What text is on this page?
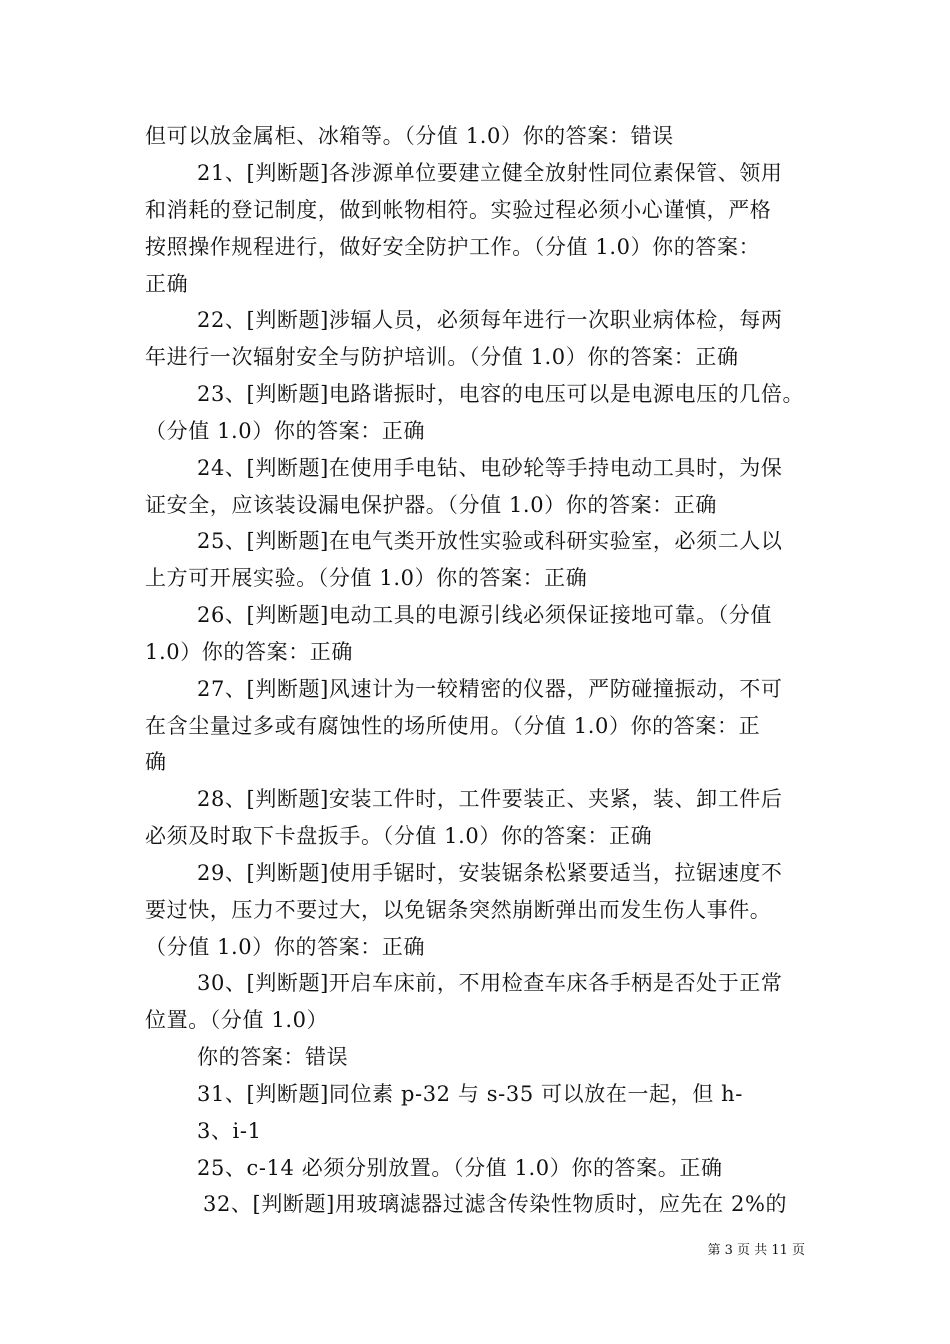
但可以放金属柜、冰箱等。（分值 1.0）你的答案：错误
21、[判断题]各涉源单位要建立健全放射性同位素保管、领用
和消耗的登记制度，做到帐物相符。实验过程必须小心谨慎，严格
按照操作规程进行，做好安全防护工作。（分值 1.0）你的答案：
正确
22、[判断题]涉辐人员，必须每年进行一次职业病体检，每两
年进行一次辐射安全与防护培训。（分值 1.0）你的答案：正确
23、[判断题]电路谐振时，电容的电压可以是电源电压的几倍。
（分值 1.0）你的答案：正确
24、[判断题]在使用手电钻、电砂轮等手持电动工具时，为保
证安全，应该装设漏电保护器。（分值 1.0）你的答案：正确
25、[判断题]在电气类开放性实验或科研实验室，必须二人以
上方可开展实验。（分值 1.0）你的答案：正确
26、[判断题]电动工具的电源引线必须保证接地可靠。（分值
1.0）你的答案：正确
27、[判断题]风速计为一较精密的仪器，严防碰撞振动，不可
在含尘量过多或有腐蚀性的场所使用。（分值 1.0）你的答案：正
确
28、[判断题]安装工件时，工件要装正、夹紧，装、卸工件后
必须及时取下卡盘扳手。（分值 1.0）你的答案：正确
29、[判断题]使用手锯时，安装锯条松紧要适当，拉锯速度不
要过快，压力不要过大，以免锯条突然崩断弹出而发生伤人事件。
（分值 1.0）你的答案：正确
30、[判断题]开启车床前，不用检查车床各手柄是否处于正常
位置。（分值 1.0）
你的答案：错误
31、[判断题]同位素 p-32 与 s-35 可以放在一起，但 h-
3、i-1
25、c-14 必须分别放置。（分值 1.0）你的答案。正确
32、[判断题]用玻璃滤器过滤含传染性物质时，应先在 2%的
第 3 页 共 11 页
